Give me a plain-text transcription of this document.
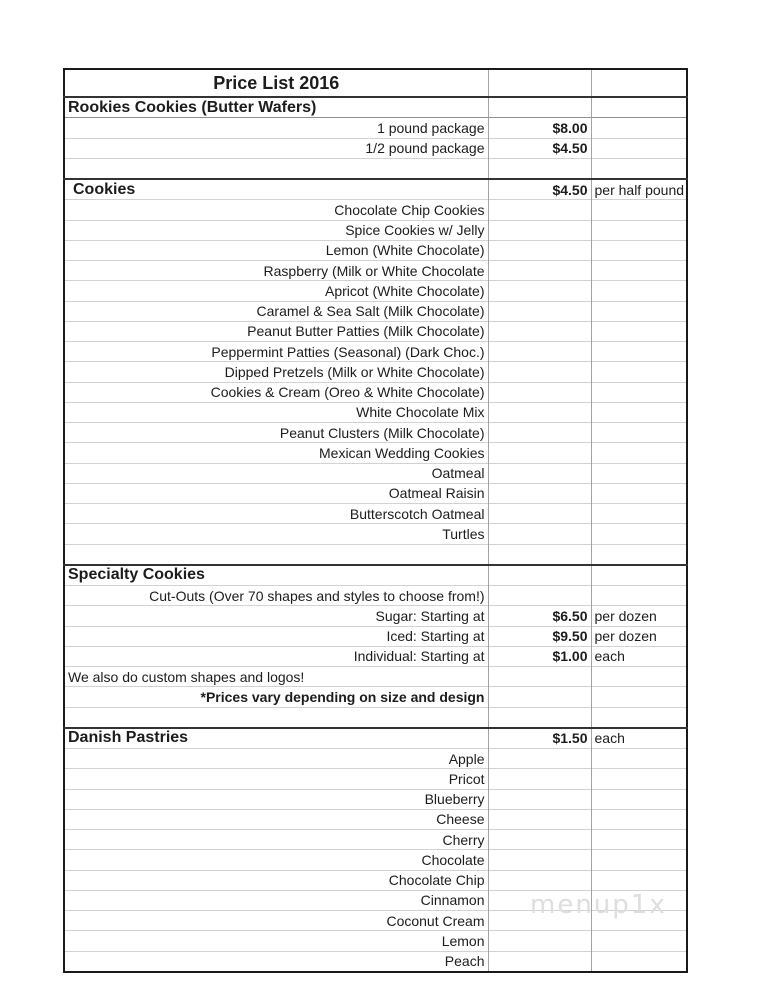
Price List 2016		
Rookies Cookies (Butter Wafers)		
1 pound package	$8.00	
1/2 pound package	$4.50	

Cookies	$4.50	per half pound
Chocolate Chip Cookies		
Spice Cookies w/ Jelly		
Lemon (White Chocolate)		
Raspberry (Milk or White Chocolate		
Apricot (White Chocolate)		
Caramel & Sea Salt (Milk Chocolate)		
Peanut Butter Patties (Milk Chocolate)		
Peppermint Patties (Seasonal) (Dark Choc.)		
Dipped Pretzels (Milk or White Chocolate)		
Cookies & Cream (Oreo & White Chocolate)		
White Chocolate Mix		
Peanut Clusters (Milk Chocolate)		
Mexican Wedding Cookies		
Oatmeal		
Oatmeal Raisin		
Butterscotch Oatmeal		
Turtles		

Specialty Cookies		
Cut-Outs (Over 70 shapes and styles to choose from!)		
Sugar: Starting at	$6.50	per dozen
Iced: Starting at	$9.50	per dozen
Individual: Starting at	$1.00	each
We also do custom shapes and logos!		
*Prices vary depending on size and design		

Danish Pastries	$1.50	each
Apple		
Pricot		
Blueberry		
Cheese		
Cherry		
Chocolate		
Chocolate Chip		
Cinnamon		
Coconut Cream		
Lemon		
Peach		
menup1x
